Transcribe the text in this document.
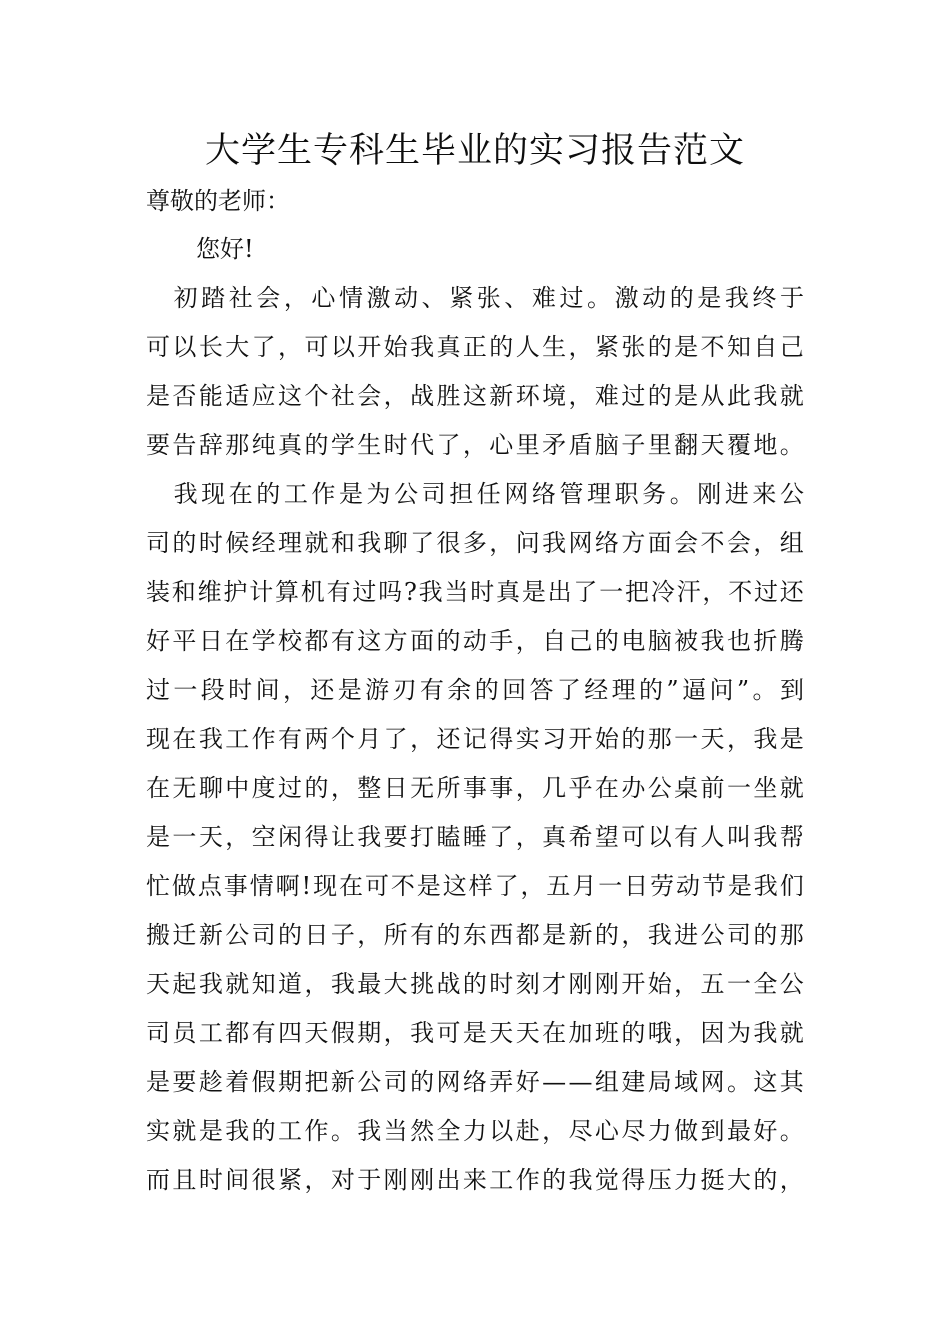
大学生专科生毕业的实习报告范文
尊敬的老师：
您好!

初 踏 社 会 ， 心 情 激 动 、 紧 张 、 难 过 。 激 动 的 是 我 终 于
可 以 长 大 了 ， 可 以 开 始 我 真 正 的 人 生 ， 紧 张 的 是 不 知 自 己
是 否 能 适 应 这 个 社 会 ， 战 胜 这 新 环 境 ， 难 过 的 是 从 此 我 就
要 告 辞 那 纯 真 的 学 生 时 代 了 ， 心 里 矛 盾 脑 子 里 翻 天 覆 地 。

我 现 在 的 工 作 是 为 公 司 担 任 网 络 管 理 职 务 。 刚 进 来 公
司 的 时 候 经 理 就 和 我 聊 了 很 多 ， 问 我 网 络 方 面 会 不 会 ， 组
装 和 维 护 计 算 机 有 过 吗 ? 我 当 时 真 是 出 了 一 把 冷 汗 ， 不 过 还
好 平 日 在 学 校 都 有 这 方 面 的 动 手 ， 自 己 的 电 脑 被 我 也 折 腾
过 一 段 时 间 ， 还 是 游 刃 有 余 的 回 答 了 经 理 的 ” 逼 问 ” 。 到
现 在 我 工 作 有 两 个 月 了 ， 还 记 得 实 习 开 始 的 那 一 天 ， 我 是
在 无 聊 中 度 过 的 ， 整 日 无 所 事 事 ， 几 乎 在 办 公 桌 前 一 坐 就
是 一 天 ， 空 闲 得 让 我 要 打 瞌 睡 了 ， 真 希 望 可 以 有 人 叫 我 帮
忙 做 点 事 情 啊 ! 现 在 可 不 是 这 样 了 ， 五 月 一 日 劳 动 节 是 我 们
搬 迁 新 公 司 的 日 子 ， 所 有 的 东 西 都 是 新 的 ， 我 进 公 司 的 那
天 起 我 就 知 道 ， 我 最 大 挑 战 的 时 刻 才 刚 刚 开 始 ， 五 一 全 公
司 员 工 都 有 四 天 假 期 ， 我 可 是 天 天 在 加 班 的 哦 ， 因 为 我 就
是 要 趁 着 假 期 把 新 公 司 的 网 络 弄 好 — — 组 建 局 域 网 。 这 其
实 就 是 我 的 工 作 。 我 当 然 全 力 以 赴 ， 尽 心 尽 力 做 到 最 好 。
而 且 时 间 很 紧 ， 对 于 刚 刚 出 来 工 作 的 我 觉 得 压 力 挺 大 的 ，
